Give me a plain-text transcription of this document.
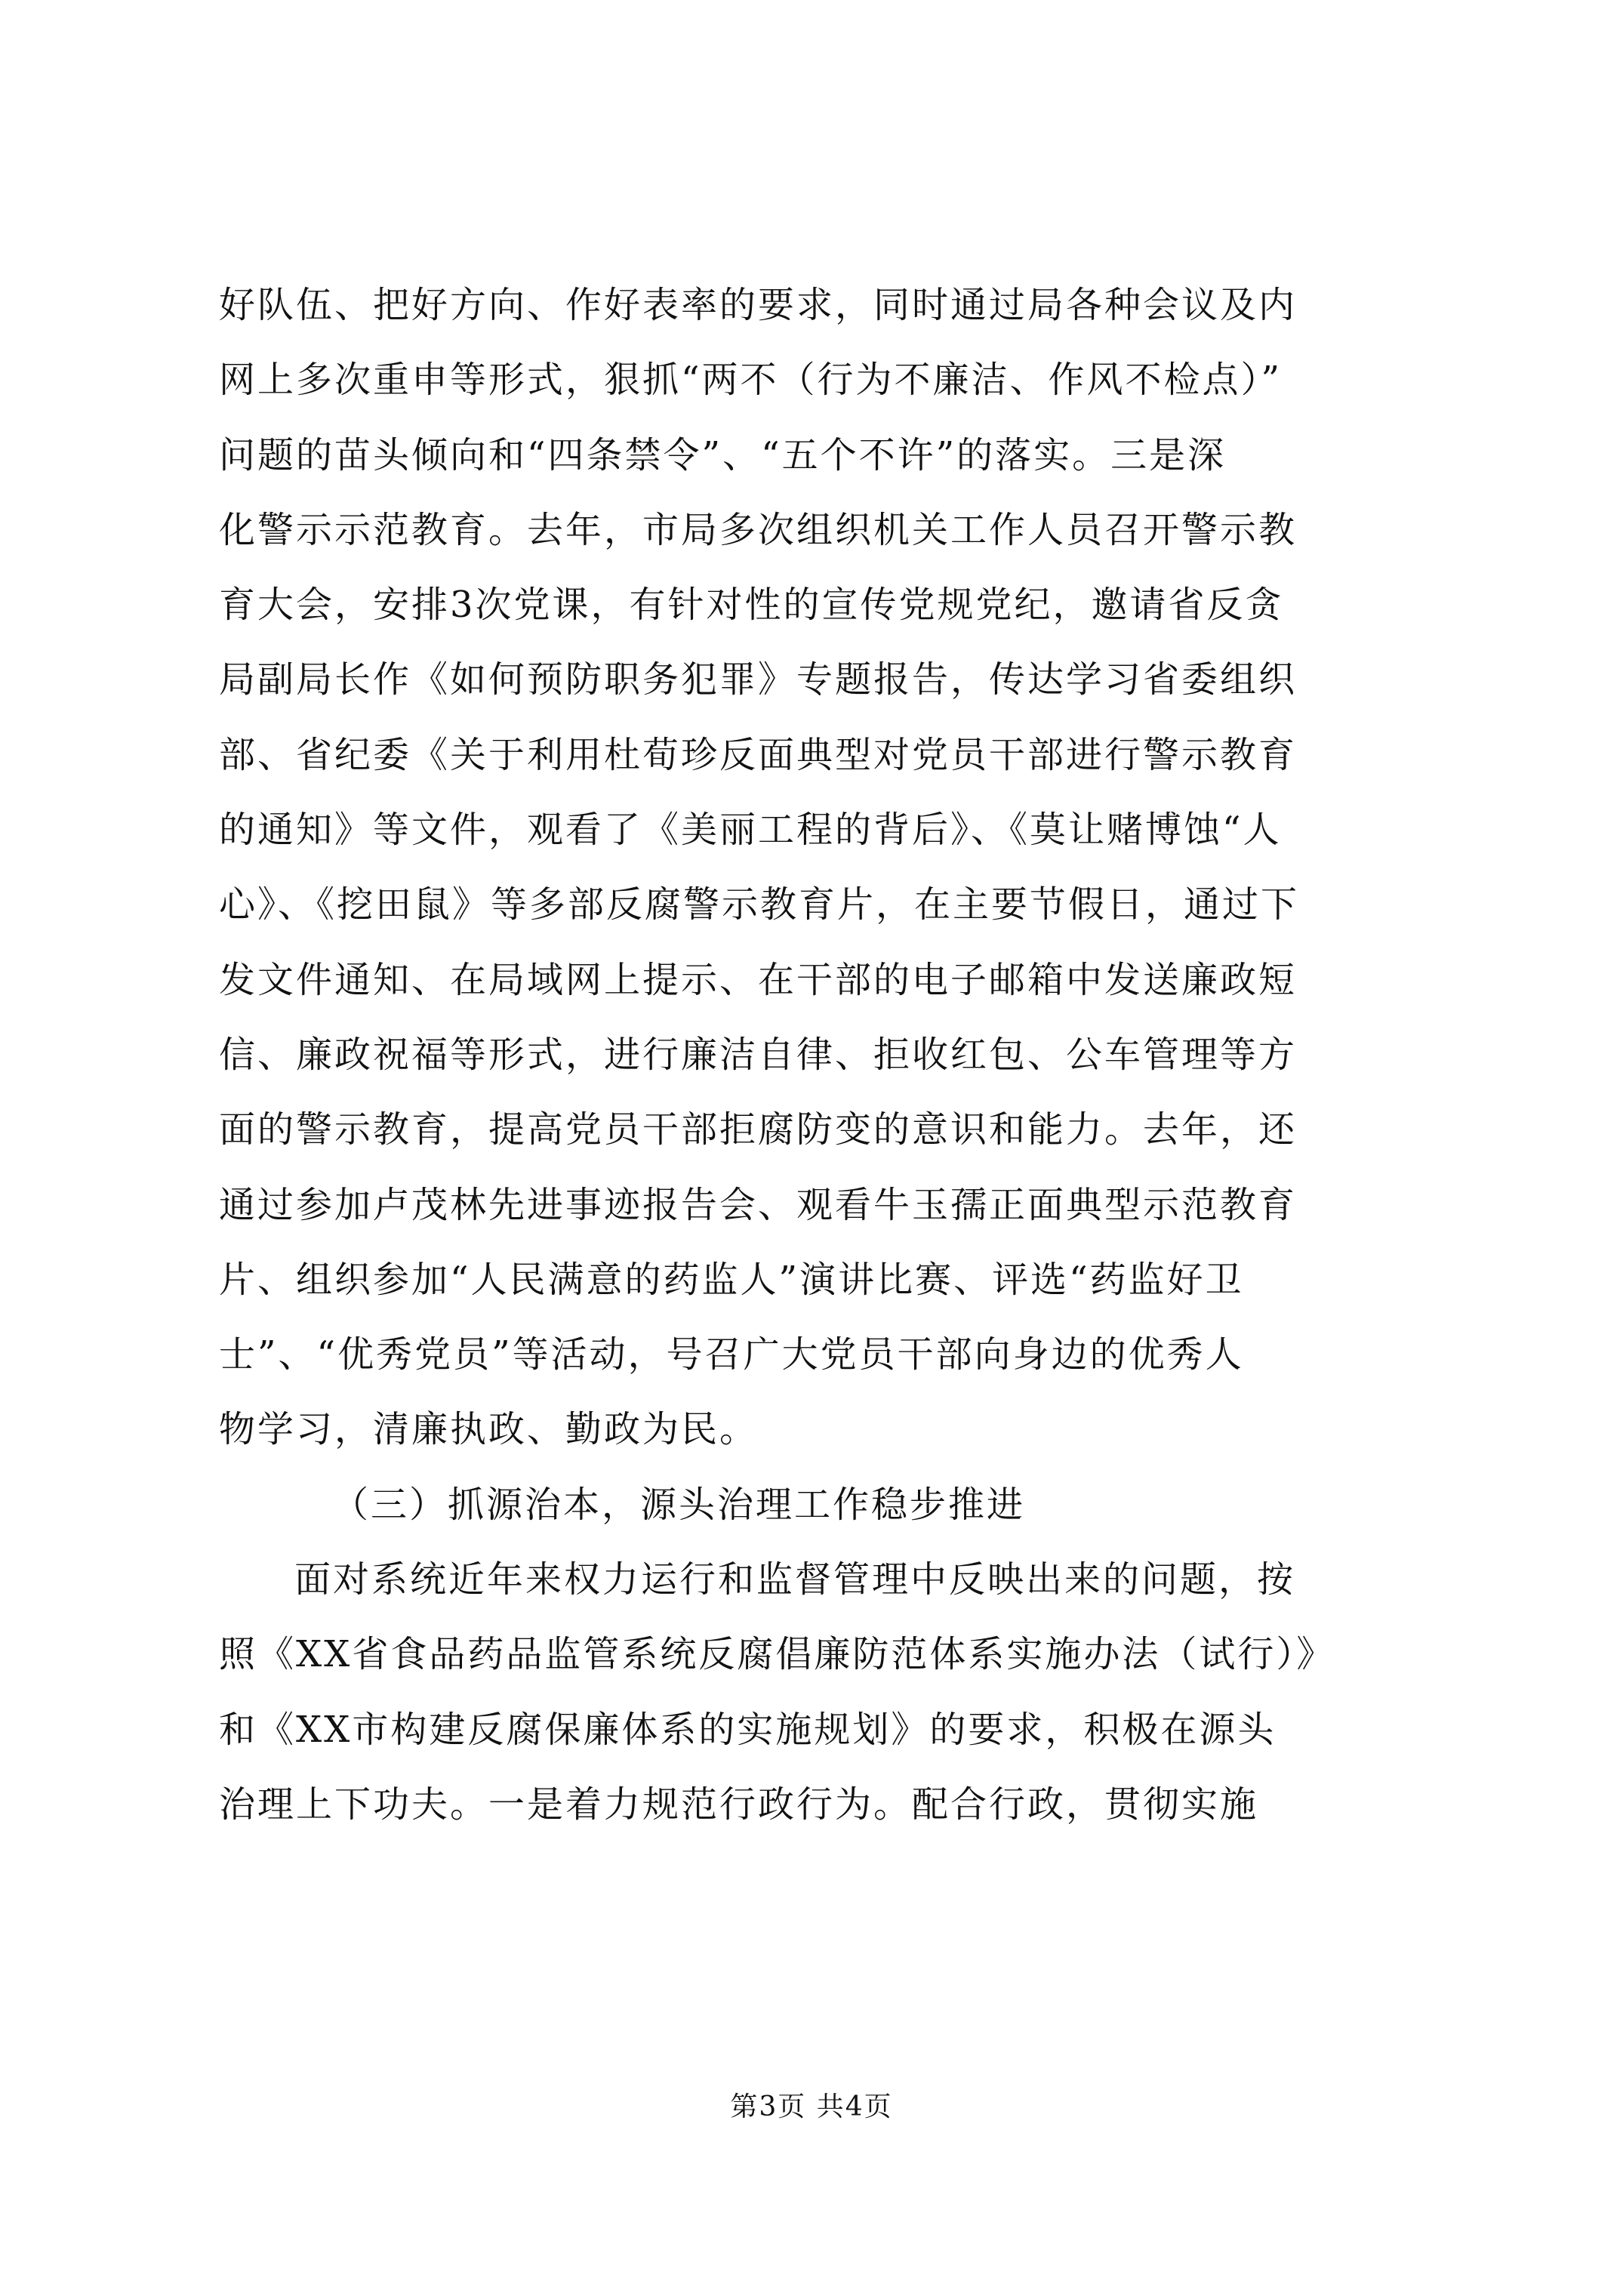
好队伍、把好方向、作好表率的要求，同时通过局各种会议及内
网上多次重申等形式，狠抓“两不（行为不廉洁、作风不检点）”
问题的苗头倾向和“四条禁令”、“五个不许”的落实。三是深
化警示示范教育。去年，市局多次组织机关工作人员召开警示教
育大会，安排3次党课，有针对性的宣传党规党纪，邀请省反贪
局副局长作《如何预防职务犯罪》专题报告，传达学习省委组织
部、省纪委《关于利用杜荀珍反面典型对党员干部进行警示教育
的通知》等文件，观看了《美丽工程的背后》、《莫让赌博蚀“人
心》、《挖田鼠》等多部反腐警示教育片，在主要节假日，通过下
发文件通知、在局域网上提示、在干部的电子邮箱中发送廉政短
信、廉政祝福等形式，进行廉洁自律、拒收红包、公车管理等方
面的警示教育，提高党员干部拒腐防变的意识和能力。去年，还
通过参加卢茂林先进事迹报告会、观看牛玉孺正面典型示范教育
片、组织参加“人民满意的药监人”演讲比赛、评选“药监好卫
士”、“优秀党员”等活动，号召广大党员干部向身边的优秀人
物学习，清廉执政、勤政为民。
（三）抓源治本，源头治理工作稳步推进
面对系统近年来权力运行和监督管理中反映出来的问题，按
照《XX省食品药品监管系统反腐倡廉防范体系实施办法（试行）》
和《XX市构建反腐保廉体系的实施规划》的要求，积极在源头
治理上下功夫。一是着力规范行政行为。配合行政，贯彻实施
第3页 共4页
